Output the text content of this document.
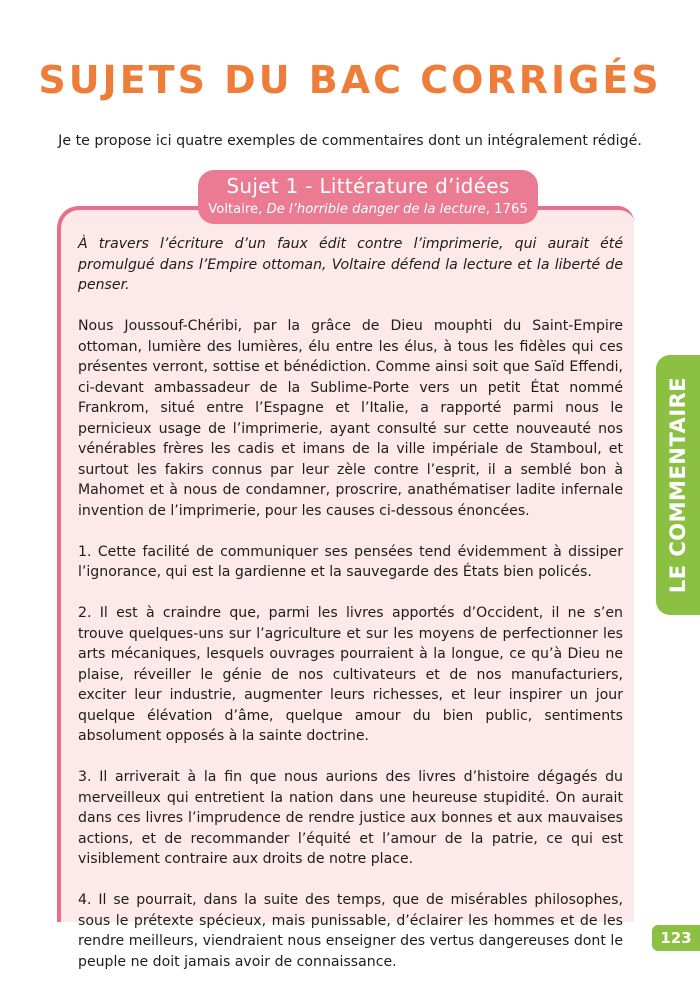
SUJETS DU BAC CORRIGÉS

Je te propose ici quatre exemples de commentaires dont un intégralement rédigé.

Sujet 1 - Littérature d’idées
Voltaire, De l’horrible danger de la lecture, 1765

À travers l’écriture d’un faux édit contre l’imprimerie, qui aurait été promulgué dans l’Empire ottoman, Voltaire défend la lecture et la liberté de penser.

Nous Joussouf-Chéribi, par la grâce de Dieu mouphti du Saint-Empire ottoman, lumière des lumières, élu entre les élus, à tous les fidèles qui ces présentes verront, sottise et bénédiction. Comme ainsi soit que Saïd Effendi, ci-devant ambassadeur de la Sublime-Porte vers un petit État nommé Frankrom, situé entre l’Espagne et l’Italie, a rapporté parmi nous le pernicieux usage de l’imprimerie, ayant consulté sur cette nouveauté nos vénérables frères les cadis et imans de la ville impériale de Stamboul, et surtout les fakirs connus par leur zèle contre l’esprit, il a semblé bon à Mahomet et à nous de condamner, proscrire, anathématiser ladite infernale invention de l’imprimerie, pour les causes ci-dessous énoncées.

1. Cette facilité de communiquer ses pensées tend évidemment à dissiper l’ignorance, qui est la gardienne et la sauvegarde des États bien policés.

2. Il est à craindre que, parmi les livres apportés d’Occident, il ne s’en trouve quelques-uns sur l’agriculture et sur les moyens de perfectionner les arts mécaniques, lesquels ouvrages pourraient à la longue, ce qu’à Dieu ne plaise, réveiller le génie de nos cultivateurs et de nos manufacturiers, exciter leur industrie, augmenter leurs richesses, et leur inspirer un jour quelque élévation d’âme, quelque amour du bien public, sentiments absolument opposés à la sainte doctrine.

3. Il arriverait à la fin que nous aurions des livres d’histoire dégagés du merveilleux qui entretient la nation dans une heureuse stupidité. On aurait dans ces livres l’imprudence de rendre justice aux bonnes et aux mauvaises actions, et de recommander l’équité et l’amour de la patrie, ce qui est visiblement contraire aux droits de notre place.

4. Il se pourrait, dans la suite des temps, que de misérables philosophes, sous le prétexte spécieux, mais punissable, d’éclairer les hommes et de les rendre meilleurs, viendraient nous enseigner des vertus dangereuses dont le peuple ne doit jamais avoir de connaissance.

LE COMMENTAIRE
123
